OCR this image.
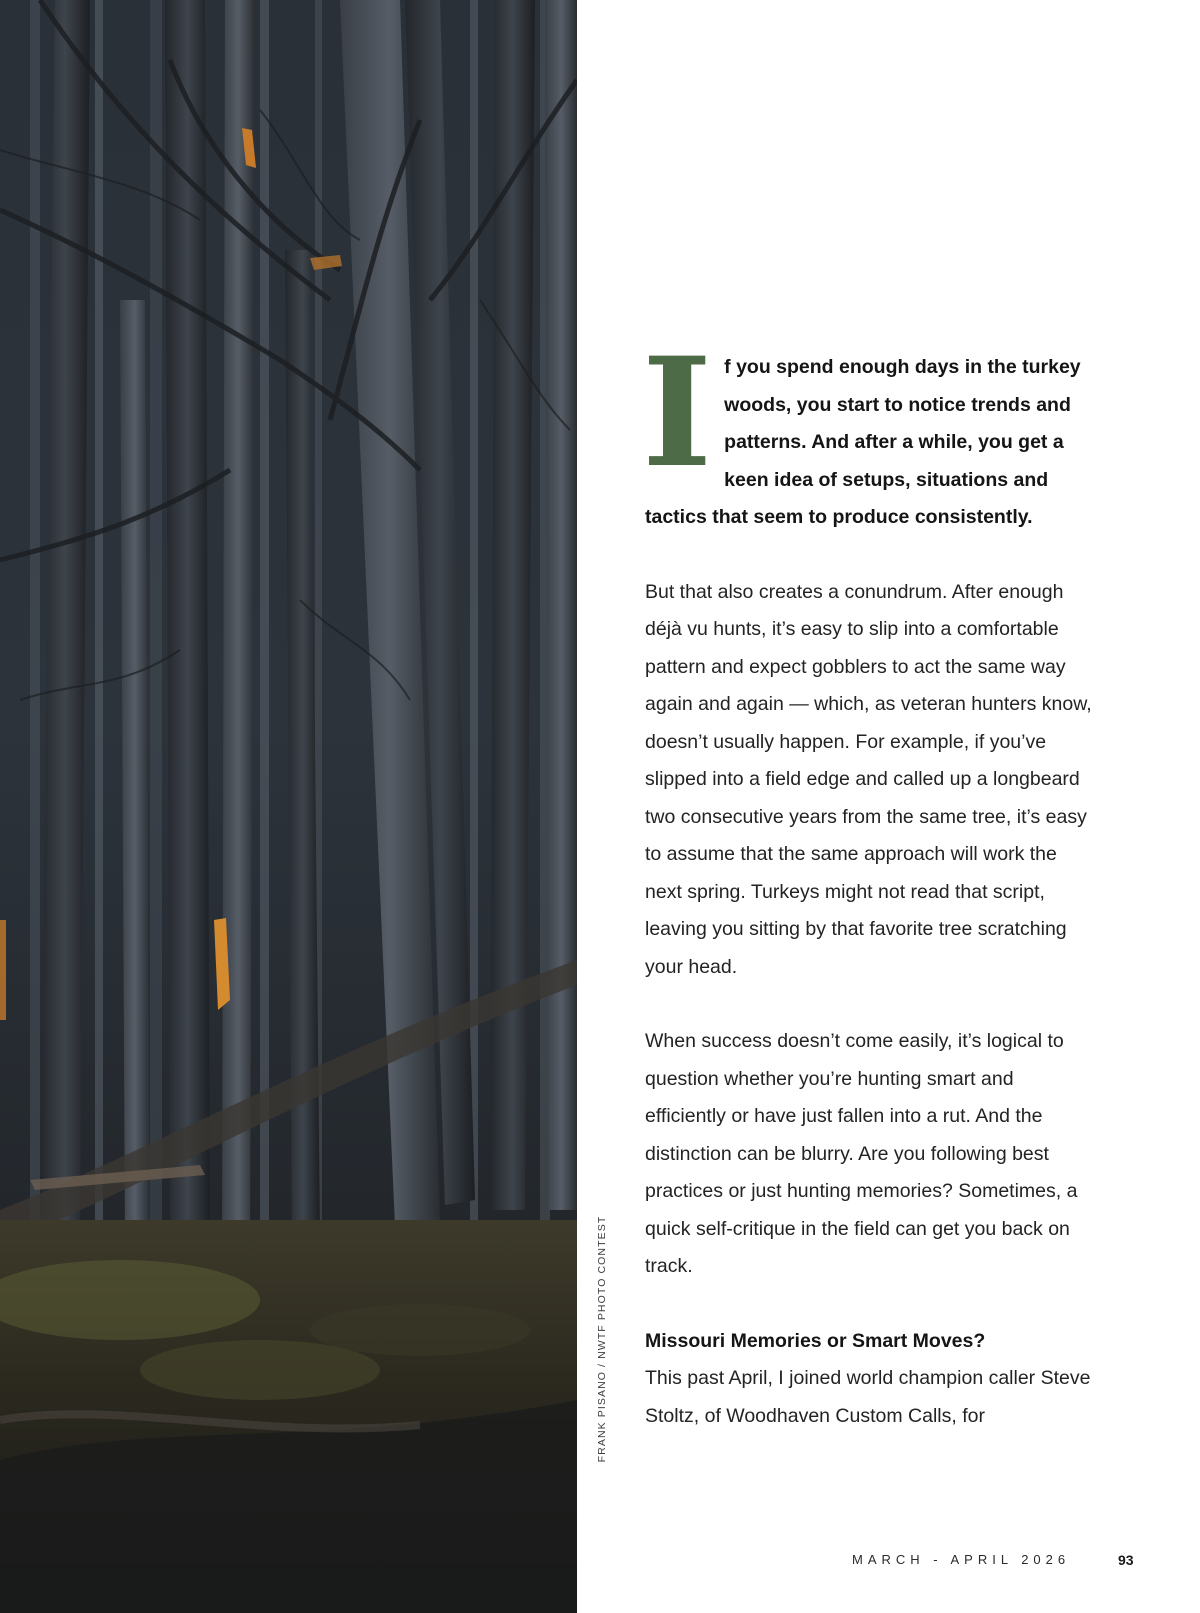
FRANK PISANO / NWTF PHOTO CONTEST

I f you spend enough days in the turkey woods, you start to notice trends and patterns. And after a while, you get a keen idea of setups, situations and tactics that seem to produce consistently.

But that also creates a conundrum. After enough déjà vu hunts, it’s easy to slip into a comfortable pattern and expect gobblers to act the same way again and again — which, as veteran hunters know, doesn’t usually happen. For example, if you’ve slipped into a field edge and called up a longbeard two consecutive years from the same tree, it’s easy to assume that the same approach will work the next spring. Turkeys might not read that script, leaving you sitting by that favorite tree scratching your head.

When success doesn’t come easily, it’s logical to question whether you’re hunting smart and efficiently or have just fallen into a rut. And the distinction can be blurry. Are you following best practices or just hunting memories? Sometimes, a quick self-critique in the field can get you back on track.

Missouri Memories or Smart Moves?

This past April, I joined world champion caller Steve Stoltz, of Woodhaven Custom Calls, for

MARCH - APRIL 2026	93
